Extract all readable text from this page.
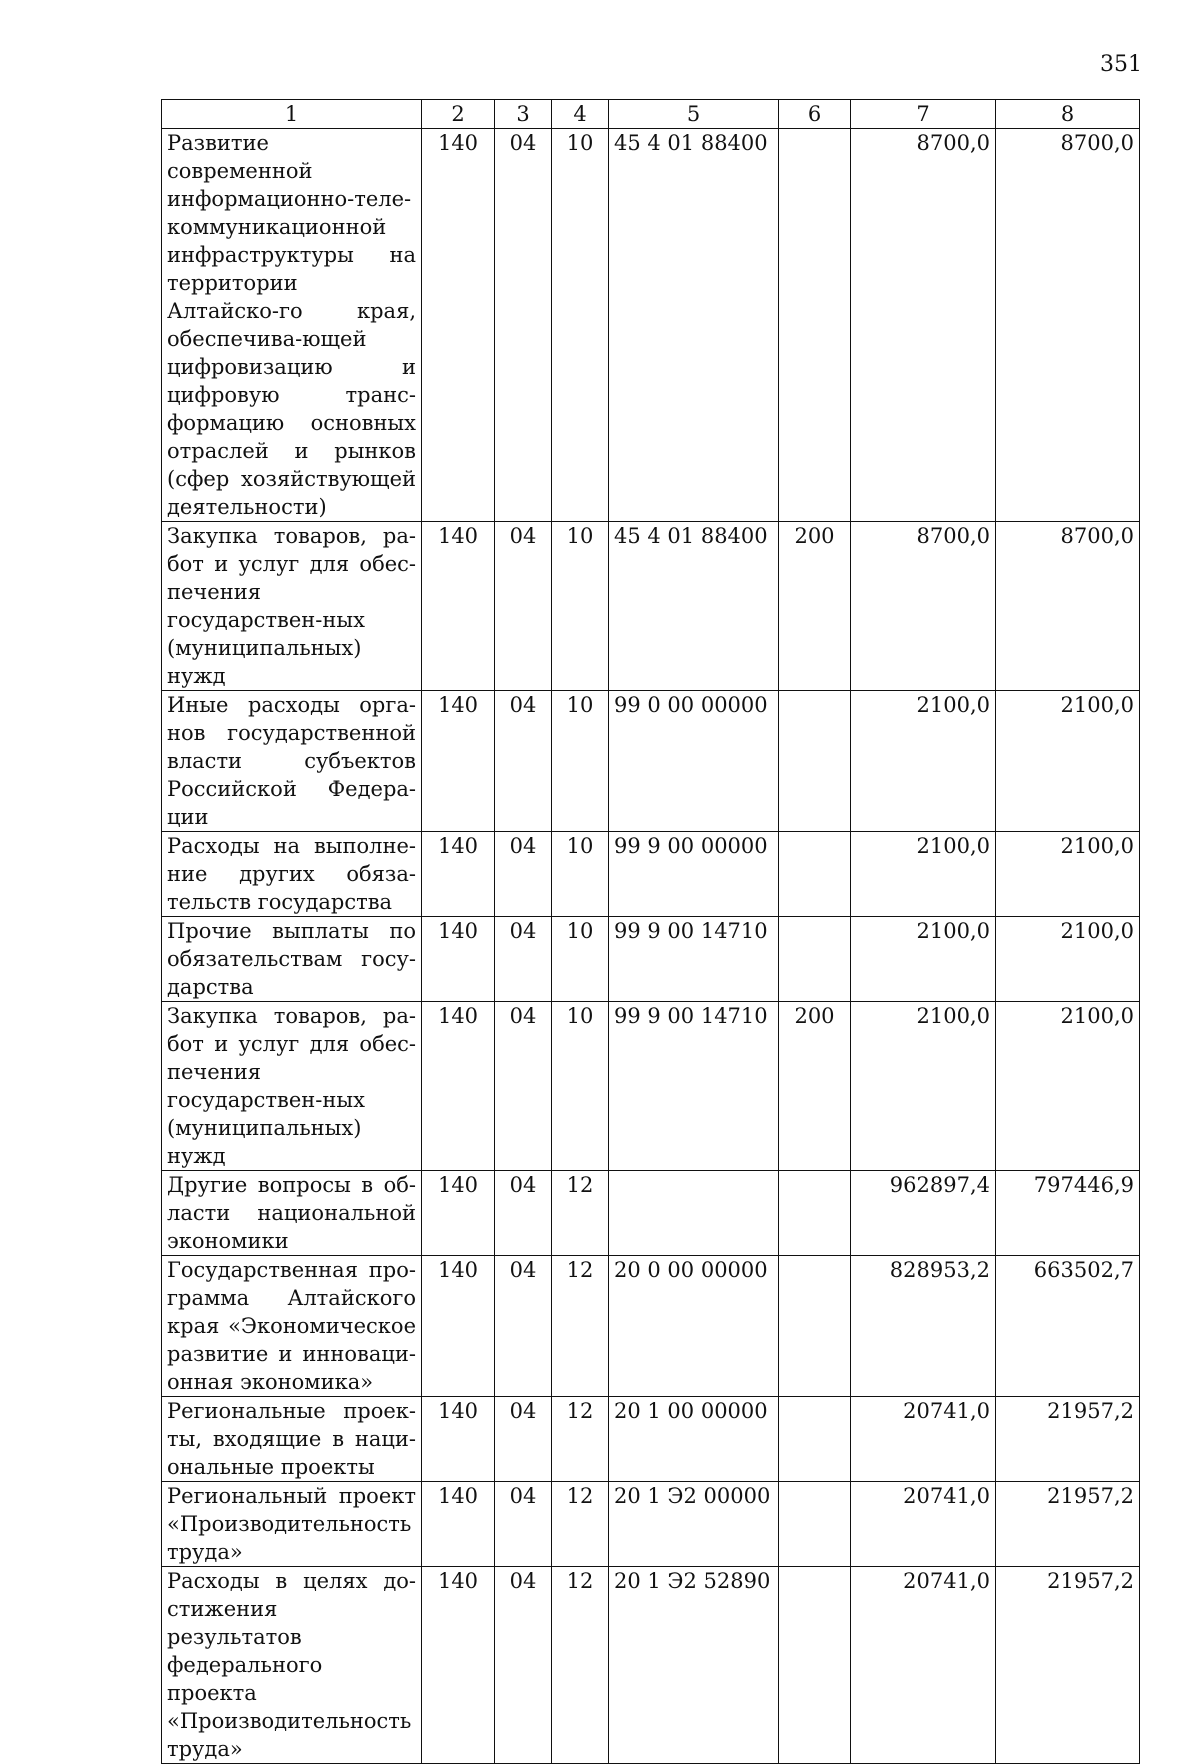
351
1	2	3	4	5	6	7	8
Развитие современной информационно-теле-коммуникационной инфраструктуры на территории Алтайско-го края, обеспечива-ющей цифровизацию и цифровую транс-формацию основных отраслей и рынков (сфер хозяйствующей деятельности)	140	04	10	45 4 01 88400		8700,0	8700,0
Закупка товаров, ра-бот и услуг для обес-печения государствен-ных (муниципальных) нужд	140	04	10	45 4 01 88400	200	8700,0	8700,0
Иные расходы орга-нов государственной власти субъектов Российской Федера-ции	140	04	10	99 0 00 00000		2100,0	2100,0
Расходы на выполне-ние других обяза-тельств государства	140	04	10	99 9 00 00000		2100,0	2100,0
Прочие выплаты по обязательствам госу-дарства	140	04	10	99 9 00 14710		2100,0	2100,0
Закупка товаров, ра-бот и услуг для обес-печения государствен-ных (муниципальных) нужд	140	04	10	99 9 00 14710	200	2100,0	2100,0
Другие вопросы в об-ласти национальной экономики	140	04	12			962897,4	797446,9
Государственная про-грамма Алтайского края «Экономическое развитие и инноваци-онная экономика»	140	04	12	20 0 00 00000		828953,2	663502,7
Региональные проек-ты, входящие в наци-ональные проекты	140	04	12	20 1 00 00000		20741,0	21957,2
Региональный проект «Производительность труда»	140	04	12	20 1 Э2 00000		20741,0	21957,2
Расходы в целях до-стижения результатов федерального проекта «Производительность труда»	140	04	12	20 1 Э2 52890		20741,0	21957,2
